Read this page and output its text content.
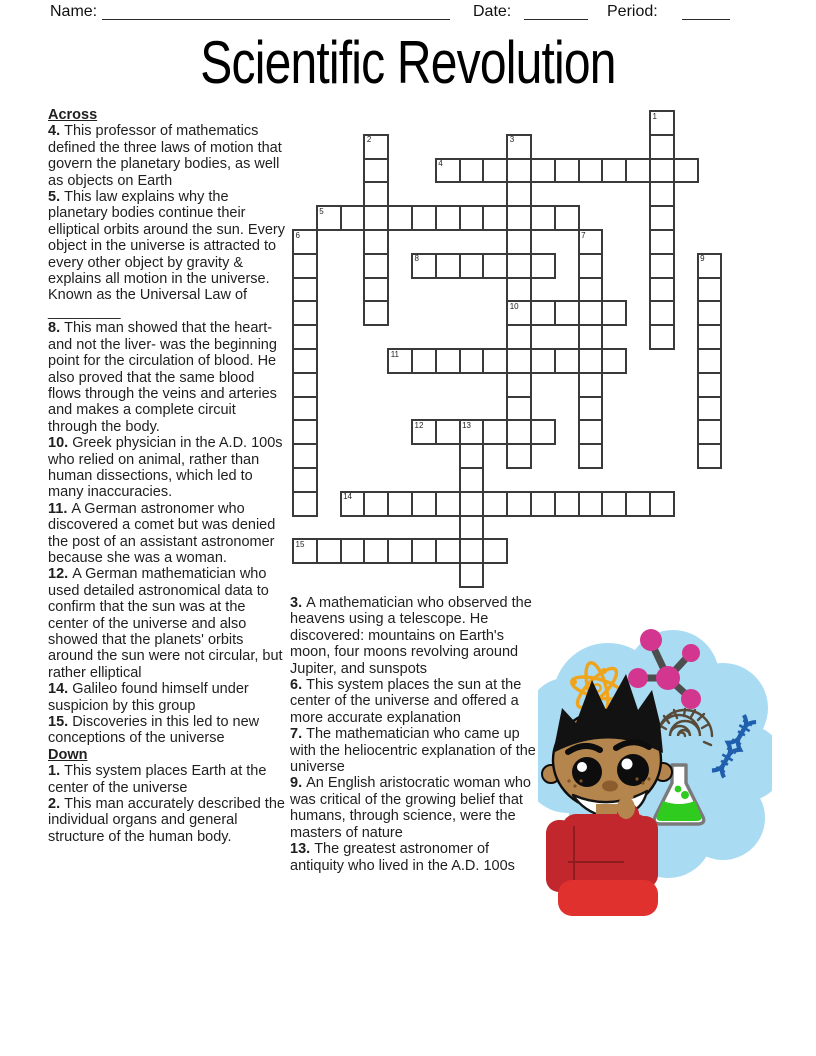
Name:	Date:	Period:
Scientific Revolution
Across
4. This professor of mathematics defined the three laws of motion that govern the planetary bodies, as well as objects on Earth
5. This law explains why the planetary bodies continue their elliptical orbits around the sun. Every object in the universe is attracted to every other object by gravity & explains all motion in the universe. Known as the Universal Law of _________
8. This man showed that the heart- and not the liver- was the beginning point for the circulation of blood. He also proved that the same blood flows through the veins and arteries and makes a complete circuit through the body.
10. Greek physician in the A.D. 100s who relied on animal, rather than human dissections, which led to many inaccuracies.
11. A German astronomer who discovered a comet but was denied the post of an assistant astronomer because she was a woman.
12. A German mathematician who used detailed astronomical data to confirm that the sun was at the center of the universe and also showed that the planets' orbits around the sun were not circular, but rather elliptical
14. Galileo found himself under suspicion by this group
15. Discoveries in this led to new conceptions of the universe
Down
1. This system places Earth at the center of the universe
2. This man accurately described the individual organs and general structure of the human body.
3. A mathematician who observed the heavens using a telescope. He discovered: mountains on Earth's moon, four moons revolving around Jupiter, and sunspots
6. This system places the sun at the center of the universe and offered a more accurate explanation
7. The mathematician who came up with the heliocentric explanation of the universe
9. An English aristocratic woman who was critical of the growing belief that humans, through science, were the masters of nature
13. The greatest astronomer of antiquity who lived in the A.D. 100s
1
2	3
10
4
5
6	7
8	9
11
12	13
14
15
